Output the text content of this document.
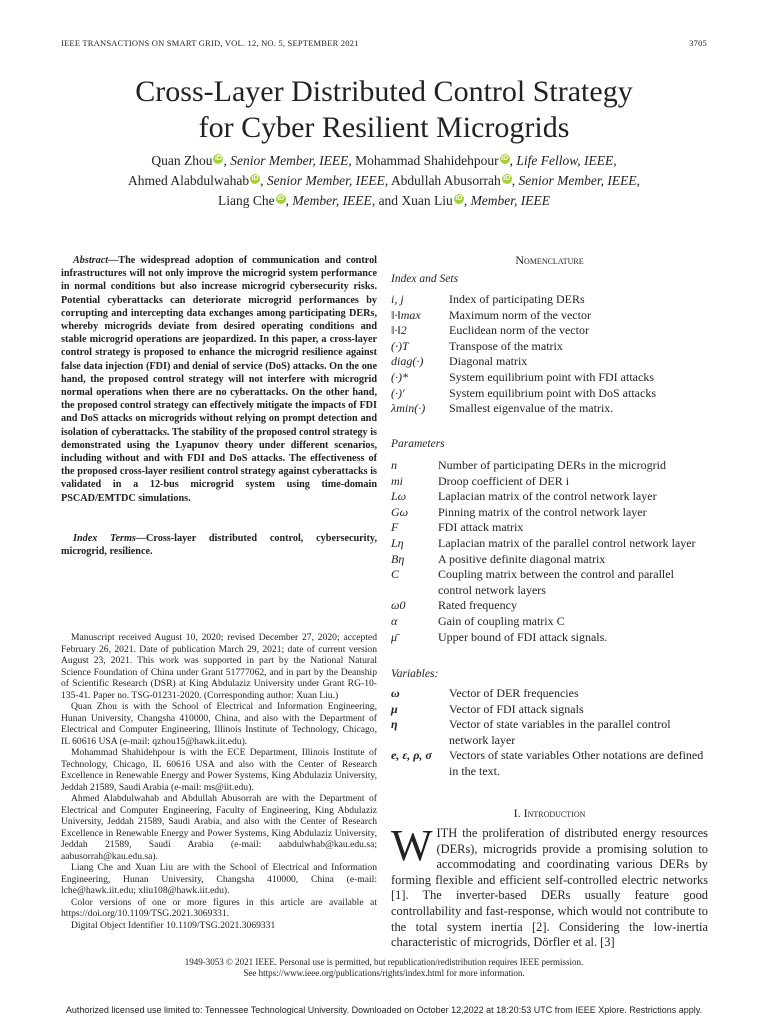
IEEE TRANSACTIONS ON SMART GRID, VOL. 12, NO. 5, SEPTEMBER 2021	3705
Cross-Layer Distributed Control Strategy
for Cyber Resilient Microgrids
Quan Zhou iD , Senior Member, IEEE, Mohammad Shahidehpour iD , Life Fellow, IEEE,
Ahmed Alabdulwahab iD , Senior Member, IEEE, Abdullah Abusorrah iD , Senior Member, IEEE,
Liang Che iD , Member, IEEE, and Xuan Liu iD , Member, IEEE
Abstract—The widespread adoption of communication and control infrastructures will not only improve the microgrid system performance in normal conditions but also increase microgrid cybersecurity risks. Potential cyberattacks can deteriorate microgrid performances by corrupting and intercepting data exchanges among participating DERs, whereby microgrids deviate from desired operating conditions and stable microgrid operations are jeopardized. In this paper, a cross-layer control strategy is proposed to enhance the microgrid resilience against false data injection (FDI) and denial of service (DoS) attacks. On the one hand, the proposed control strategy will not interfere with microgrid normal operations when there are no cyberattacks. On the other hand, the proposed control strategy can effectively mitigate the impacts of FDI and DoS attacks on microgrids without relying on prompt detection and isolation of cyberattacks. The stability of the proposed control strategy is demonstrated using the Lyapunov theory under different scenarios, including without and with FDI and DoS attacks. The effectiveness of the proposed cross-layer resilient control strategy against cyberattacks is validated in a 12-bus microgrid system using time-domain PSCAD/EMTDC simulations.
Index Terms—Cross-layer distributed control, cybersecurity, microgrid, resilience.

Manuscript received August 10, 2020; revised December 27, 2020; accepted February 26, 2021. Date of publication March 29, 2021; date of current version August 23, 2021. This work was supported in part by the National Natural Science Foundation of China under Grant 51777062, and in part by the Deanship of Scientific Research (DSR) at King Abdulaziz University under Grant RG-10-135-41. Paper no. TSG-01231-2020. (Corresponding author: Xuan Liu.)

Quan Zhou is with the School of Electrical and Information Engineering, Hunan University, Changsha 410000, China, and also with the Department of Electrical and Computer Engineering, Illinois Institute of Technology, Chicago, IL 60616 USA (e-mail: qzhou15@hawk.iit.edu).

Mohammad Shahidehpour is with the ECE Department, Illinois Institute of Technology, Chicago, IL 60616 USA and also with the Center of Research Excellence in Renewable Energy and Power Systems, King Abdulaziz University, Jeddah 21589, Saudi Arabia (e-mail: ms@iit.edu).

Ahmed Alabdulwahab and Abdullah Abusorrah are with the Department of Electrical and Computer Engineering, Faculty of Engineering, King Abdulaziz University, Jeddah 21589, Saudi Arabia, and also with the Center of Research Excellence in Renewable Energy and Power Systems, King Abdulaziz University, Jeddah 21589, Saudi Arabia (e-mail: aabdulwhab@kau.edu.sa; aabusorrah@kau.edu.sa).

Liang Che and Xuan Liu are with the School of Electrical and Information Engineering, Hunan University, Changsha 410000, China (e-mail: lche@hawk.iit.edu; xliu108@hawk.iit.edu).

Color versions of one or more figures in this article are available at https://doi.org/10.1109/TSG.2021.3069331.

Digital Object Identifier 10.1109/TSG.2021.3069331

Nomenclature
Index and Sets
i, j	Index of participating DERs
‖·‖max	Maximum norm of the vector
‖·‖2	Euclidean norm of the vector
(·)T	Transpose of the matrix
diag(·)	Diagonal matrix
(·)*	System equilibrium point with FDI attacks
(·)′	System equilibrium point with DoS attacks
λmin(·)	Smallest eigenvalue of the matrix.
Parameters
n	Number of participating DERs in the microgrid
mi	Droop coefficient of DER i
Lω	Laplacian matrix of the control network layer
Gω	Pinning matrix of the control network layer
F	FDI attack matrix
Lη	Laplacian matrix of the parallel control network layer
Bη	A positive definite diagonal matrix
C	Coupling matrix between the control and parallel control network layers
ω0	Rated frequency
α	Gain of coupling matrix C
μ̄	Upper bound of FDI attack signals.
Variables:
ω	Vector of DER frequencies
μ	Vector of FDI attack signals
η	Vector of state variables in the parallel control network layer
e, ε, ρ, σ	Vectors of state variables Other notations are defined in the text.
I. Introduction
WITH the proliferation of distributed energy resources (DERs), microgrids provide a promising solution to accommodating and coordinating various DERs by forming flexible and efficient self-controlled electric networks [1]. The inverter-based DERs usually feature good controllability and fast-response, which would not contribute to the total system inertia [2]. Considering the low-inertia characteristic of microgrids, Dörfler et al. [3]
1949-3053 © 2021 IEEE. Personal use is permitted, but republication/redistribution requires IEEE permission.
See https://www.ieee.org/publications/rights/index.html for more information.
Authorized licensed use limited to: Tennessee Technological University. Downloaded on October 12,2022 at 18:20:53 UTC from IEEE Xplore. Restrictions apply.
